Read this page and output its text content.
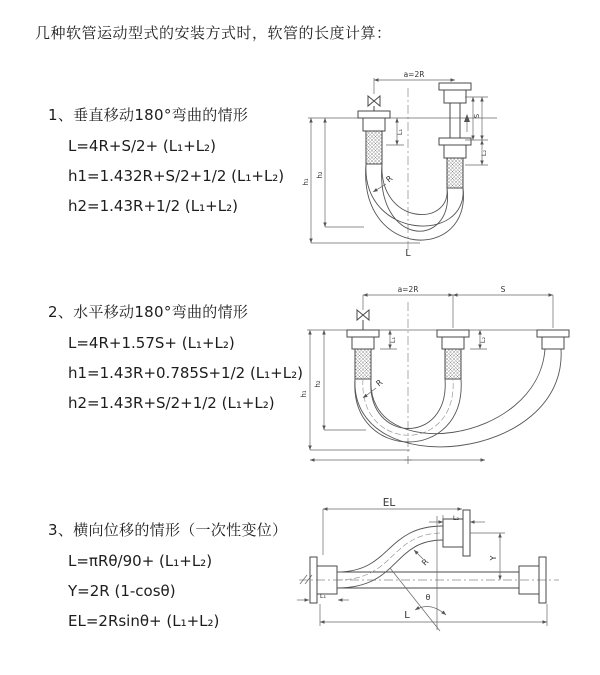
几种软管运动型式的安装方式时，软管的长度计算：
1、垂直移动180°弯曲的情形
L=4R+S/2+ (L₁+L₂)
h1=1.432R+S/2+1/2 (L₁+L₂)
h2=1.43R+1/2 (L₁+L₂)
2、水平移动180°弯曲的情形
L=4R+1.57S+ (L₁+L₂)
h1=1.43R+0.785S+1/2 (L₁+L₂)
h2=1.43R+S/2+1/2 (L₁+L₂)
3、横向位移的情形（一次性变位）
L=πRθ/90+ (L₁+L₂)
Y=2R (1-cosθ)
EL=2Rsinθ+ (L₁+L₂)
a=2R
h₁
h₂
L₁
S
L₂
R
L
a=2R	S
h₁
h₂
L₁	L₂
R
θ
R
EL
L₂
Y
L
L₁
